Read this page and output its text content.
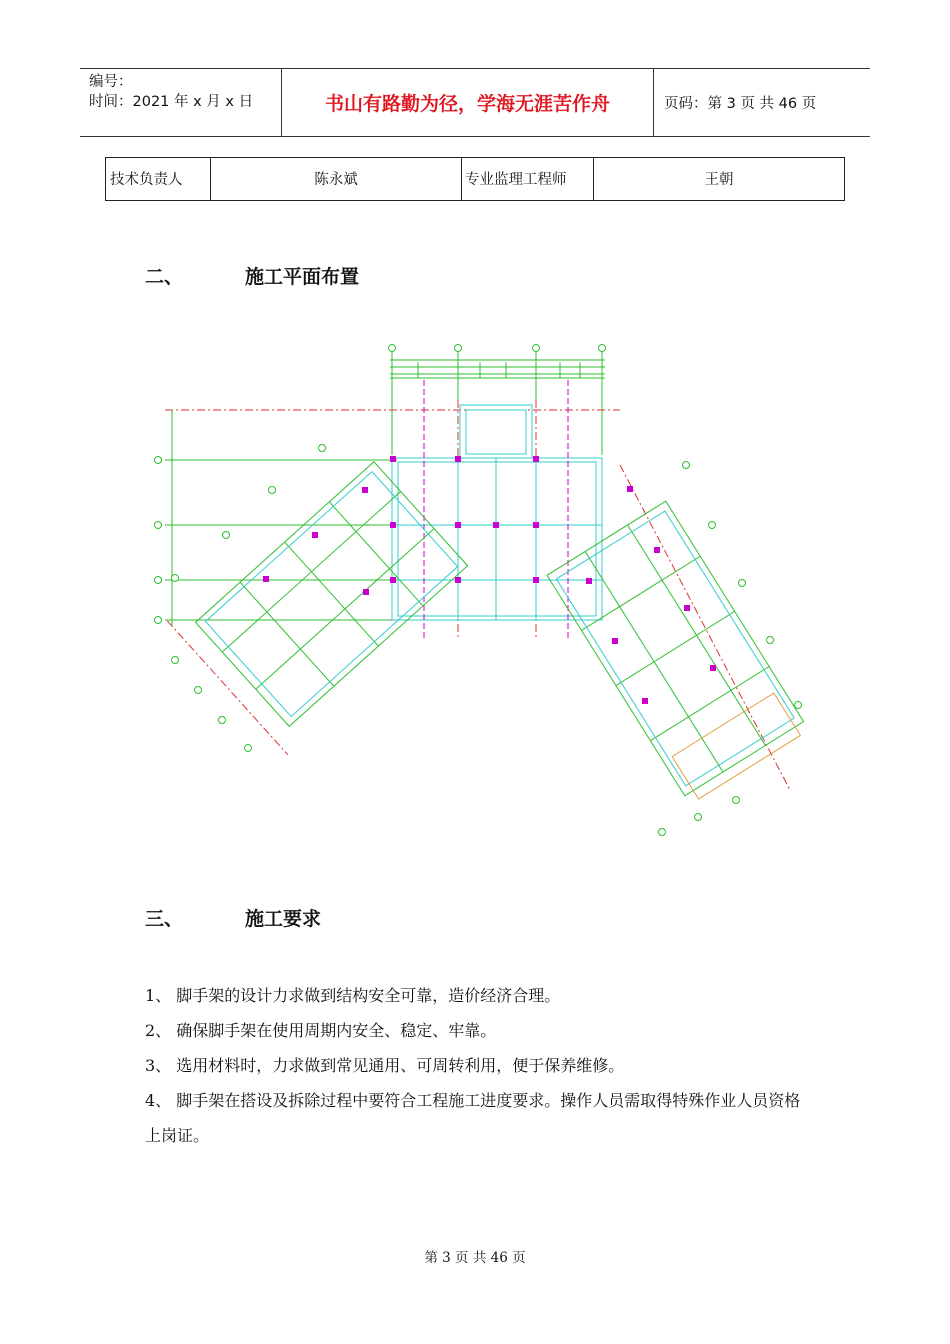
编号：
时间：2021 年 x 月 x 日	书山有路勤为径，学海无涯苦作舟	页码：第 3 页 共 46 页
技术负责人	陈永斌	专业监理工程师	王朝
二、	施工平面布置
三、	施工要求

1、 脚手架的设计力求做到结构安全可靠，造价经济合理。

2、 确保脚手架在使用周期内安全、稳定、牢靠。

3、 选用材料时，力求做到常见通用、可周转利用，便于保养维修。

4、 脚手架在搭设及拆除过程中要符合工程施工进度要求。操作人员需取得特殊作业人员资格上岗证。

第 3 页 共 46 页
